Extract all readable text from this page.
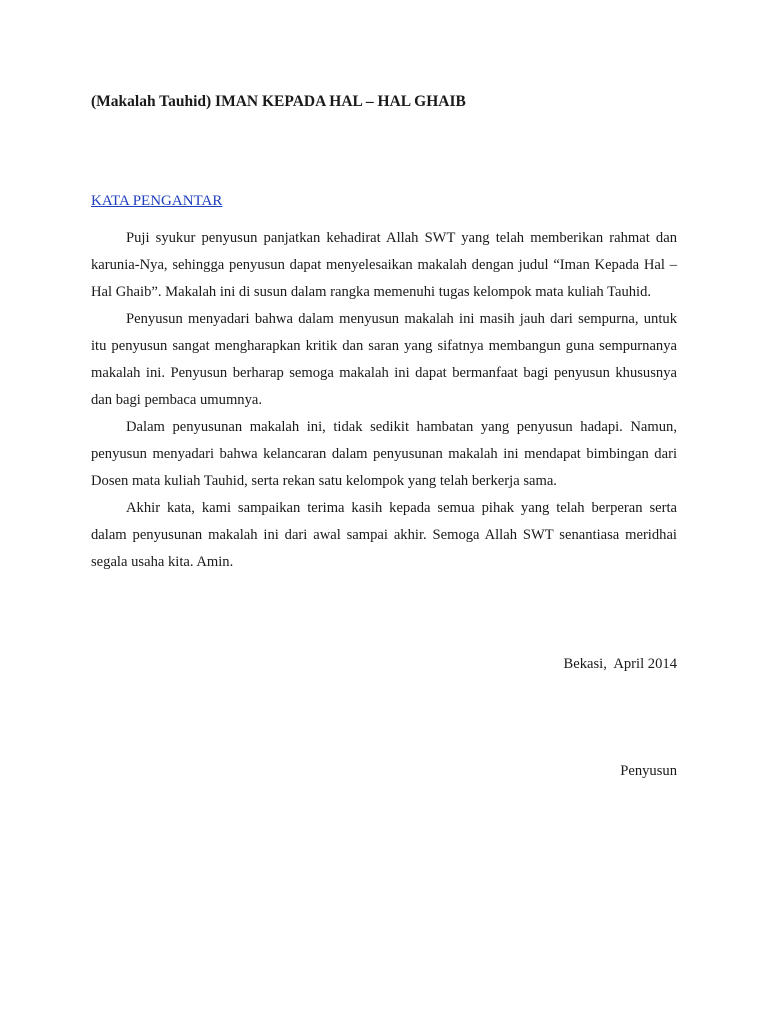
(Makalah Tauhid) IMAN KEPADA HAL – HAL GHAIB
KATA PENGANTAR

Puji syukur penyusun panjatkan kehadirat Allah SWT yang telah memberikan rahmat dan karunia-Nya, sehingga penyusun dapat menyelesaikan makalah dengan judul “Iman Kepada Hal – Hal Ghaib”. Makalah ini di susun dalam rangka memenuhi tugas kelompok mata kuliah Tauhid.

Penyusun menyadari bahwa dalam menyusun makalah ini masih jauh dari sempurna, untuk itu penyusun sangat mengharapkan kritik dan saran yang sifatnya membangun guna sempurnanya makalah ini. Penyusun berharap semoga makalah ini dapat bermanfaat bagi penyusun khususnya dan bagi pembaca umumnya.

Dalam penyusunan makalah ini, tidak sedikit hambatan yang penyusun hadapi. Namun, penyusun menyadari bahwa kelancaran dalam penyusunan makalah ini mendapat bimbingan dari Dosen mata kuliah Tauhid, serta rekan satu kelompok yang telah berkerja sama.

Akhir kata, kami sampaikan terima kasih kepada semua pihak yang telah berperan serta dalam penyusunan makalah ini dari awal sampai akhir. Semoga Allah SWT senantiasa meridhai segala usaha kita. Amin.

Bekasi,  April 2014

Penyusun
